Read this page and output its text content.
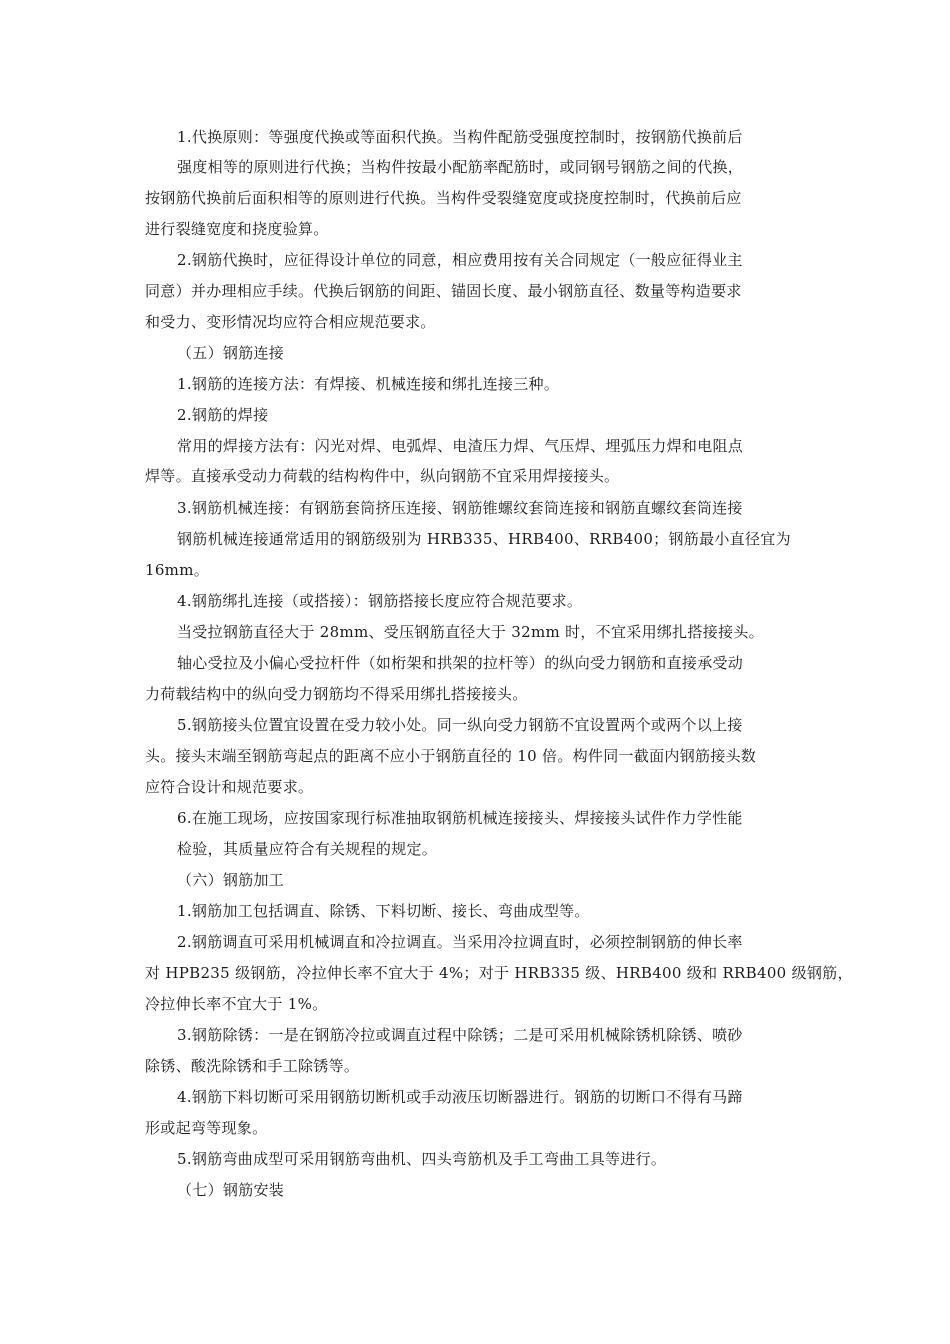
1.代换原则：等强度代换或等面积代换。当构件配筋受强度控制时，按钢筋代换前后
强度相等的原则进行代换；当构件按最小配筋率配筋时，或同钢号钢筋之间的代换，
按钢筋代换前后面积相等的原则进行代换。当构件受裂缝宽度或挠度控制时，代换前后应
进行裂缝宽度和挠度验算。
2.钢筋代换时，应征得设计单位的同意，相应费用按有关合同规定（一般应征得业主
同意）并办理相应手续。代换后钢筋的间距、锚固长度、最小钢筋直径、数量等构造要求
和受力、变形情况均应符合相应规范要求。
（五）钢筋连接
1.钢筋的连接方法：有焊接、机械连接和绑扎连接三种。
2.钢筋的焊接
常用的焊接方法有：闪光对焊、电弧焊、电渣压力焊、气压焊、埋弧压力焊和电阻点
焊等。直接承受动力荷载的结构构件中，纵向钢筋不宜采用焊接接头。
3.钢筋机械连接：有钢筋套筒挤压连接、钢筋锥螺纹套筒连接和钢筋直螺纹套筒连接
钢筋机械连接通常适用的钢筋级别为 HRB335、HRB400、RRB400；钢筋最小直径宜为
16mm。
4.钢筋绑扎连接（或搭接）：钢筋搭接长度应符合规范要求。
当受拉钢筋直径大于 28mm、受压钢筋直径大于 32mm 时，不宜采用绑扎搭接接头。
轴心受拉及小偏心受拉杆件（如桁架和拱架的拉杆等）的纵向受力钢筋和直接承受动
力荷载结构中的纵向受力钢筋均不得采用绑扎搭接接头。
5.钢筋接头位置宜设置在受力较小处。同一纵向受力钢筋不宜设置两个或两个以上接
头。接头末端至钢筋弯起点的距离不应小于钢筋直径的 10 倍。构件同一截面内钢筋接头数
应符合设计和规范要求。
6.在施工现场，应按国家现行标准抽取钢筋机械连接接头、焊接接头试件作力学性能
检验，其质量应符合有关规程的规定。
（六）钢筋加工
1.钢筋加工包括调直、除锈、下料切断、接长、弯曲成型等。
2.钢筋调直可采用机械调直和冷拉调直。当采用冷拉调直时，必须控制钢筋的伸长率
对 HPB235 级钢筋，冷拉伸长率不宜大于 4%；对于 HRB335 级、HRB400 级和 RRB400 级钢筋，
冷拉伸长率不宜大于 1%。
3.钢筋除锈：一是在钢筋冷拉或调直过程中除锈；二是可采用机械除锈机除锈、喷砂
除锈、酸洗除锈和手工除锈等。
4.钢筋下料切断可采用钢筋切断机或手动液压切断器进行。钢筋的切断口不得有马蹄
形或起弯等现象。
5.钢筋弯曲成型可采用钢筋弯曲机、四头弯筋机及手工弯曲工具等进行。
（七）钢筋安装
